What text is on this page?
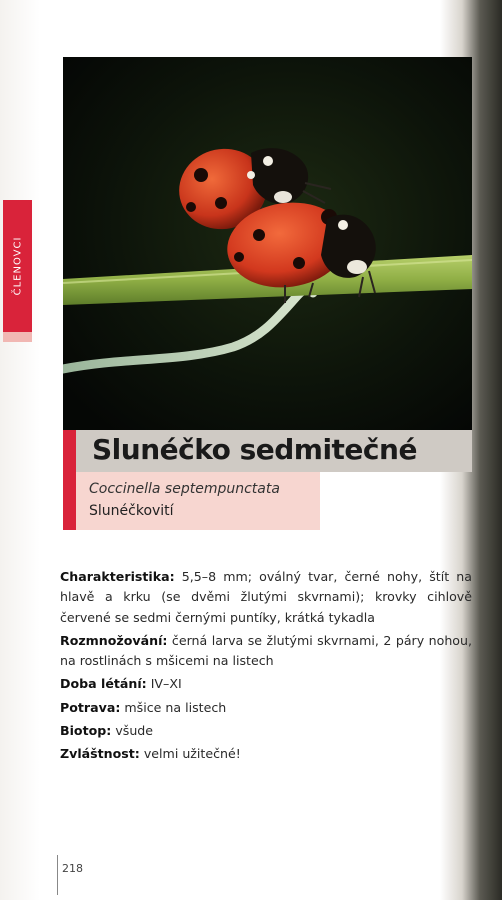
ČLENOVCI
Slunéčko sedmitečné
Coccinella septempunctata
Slunéčkovití

Charakteristika: 5,5–8 mm; oválný tvar, černé nohy, štít na hlavě a krku (se dvěmi žlutými skvrnami); krovky cihlově červené se sedmi černými puntíky, krátká tykadla

Rozmnožování: černá larva se žlutými skvrnami, 2 páry nohou, na rostlinách s mšicemi na listech

Doba létání: IV–XI

Potrava: mšice na listech

Biotop: všude

Zvláštnost: velmi užitečné!

218
